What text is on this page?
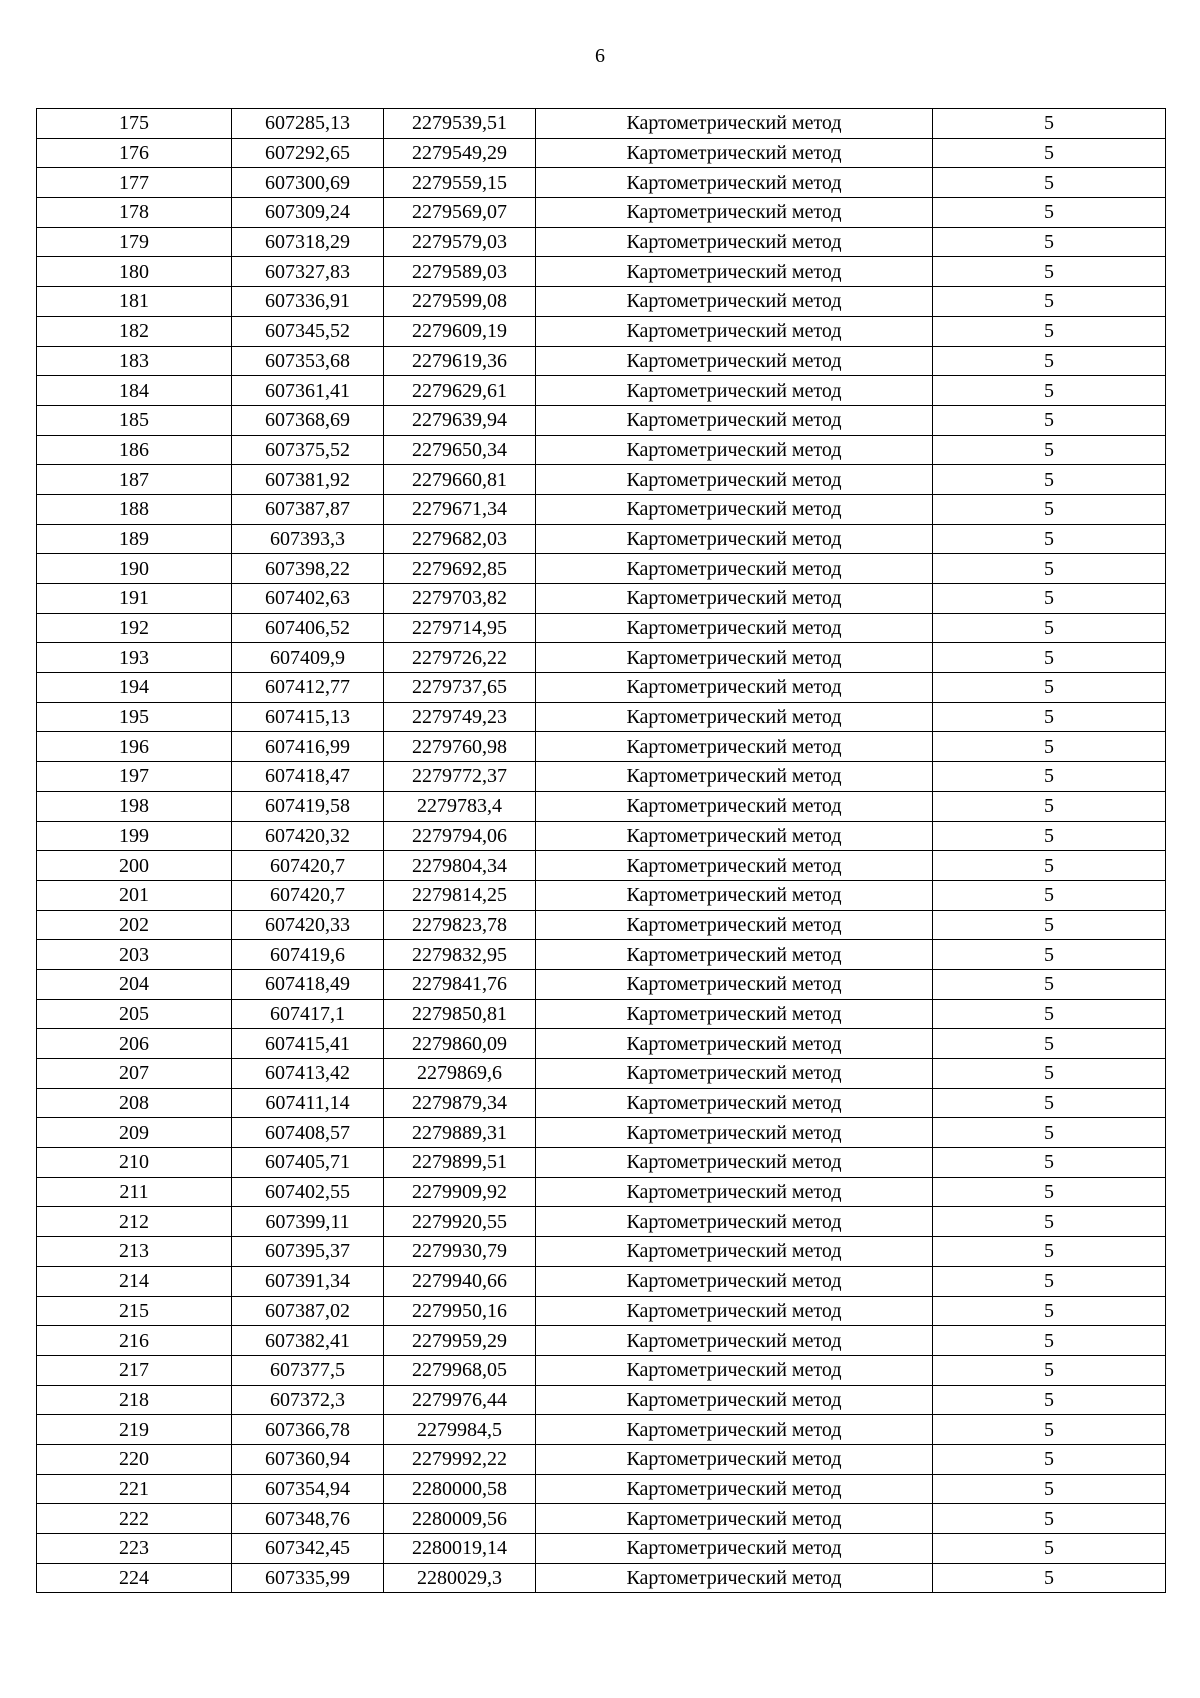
6
175	607285,13	2279539,51	Картометрический метод	5
176	607292,65	2279549,29	Картометрический метод	5
177	607300,69	2279559,15	Картометрический метод	5
178	607309,24	2279569,07	Картометрический метод	5
179	607318,29	2279579,03	Картометрический метод	5
180	607327,83	2279589,03	Картометрический метод	5
181	607336,91	2279599,08	Картометрический метод	5
182	607345,52	2279609,19	Картометрический метод	5
183	607353,68	2279619,36	Картометрический метод	5
184	607361,41	2279629,61	Картометрический метод	5
185	607368,69	2279639,94	Картометрический метод	5
186	607375,52	2279650,34	Картометрический метод	5
187	607381,92	2279660,81	Картометрический метод	5
188	607387,87	2279671,34	Картометрический метод	5
189	607393,3	2279682,03	Картометрический метод	5
190	607398,22	2279692,85	Картометрический метод	5
191	607402,63	2279703,82	Картометрический метод	5
192	607406,52	2279714,95	Картометрический метод	5
193	607409,9	2279726,22	Картометрический метод	5
194	607412,77	2279737,65	Картометрический метод	5
195	607415,13	2279749,23	Картометрический метод	5
196	607416,99	2279760,98	Картометрический метод	5
197	607418,47	2279772,37	Картометрический метод	5
198	607419,58	2279783,4	Картометрический метод	5
199	607420,32	2279794,06	Картометрический метод	5
200	607420,7	2279804,34	Картометрический метод	5
201	607420,7	2279814,25	Картометрический метод	5
202	607420,33	2279823,78	Картометрический метод	5
203	607419,6	2279832,95	Картометрический метод	5
204	607418,49	2279841,76	Картометрический метод	5
205	607417,1	2279850,81	Картометрический метод	5
206	607415,41	2279860,09	Картометрический метод	5
207	607413,42	2279869,6	Картометрический метод	5
208	607411,14	2279879,34	Картометрический метод	5
209	607408,57	2279889,31	Картометрический метод	5
210	607405,71	2279899,51	Картометрический метод	5
211	607402,55	2279909,92	Картометрический метод	5
212	607399,11	2279920,55	Картометрический метод	5
213	607395,37	2279930,79	Картометрический метод	5
214	607391,34	2279940,66	Картометрический метод	5
215	607387,02	2279950,16	Картометрический метод	5
216	607382,41	2279959,29	Картометрический метод	5
217	607377,5	2279968,05	Картометрический метод	5
218	607372,3	2279976,44	Картометрический метод	5
219	607366,78	2279984,5	Картометрический метод	5
220	607360,94	2279992,22	Картометрический метод	5
221	607354,94	2280000,58	Картометрический метод	5
222	607348,76	2280009,56	Картометрический метод	5
223	607342,45	2280019,14	Картометрический метод	5
224	607335,99	2280029,3	Картометрический метод	5
